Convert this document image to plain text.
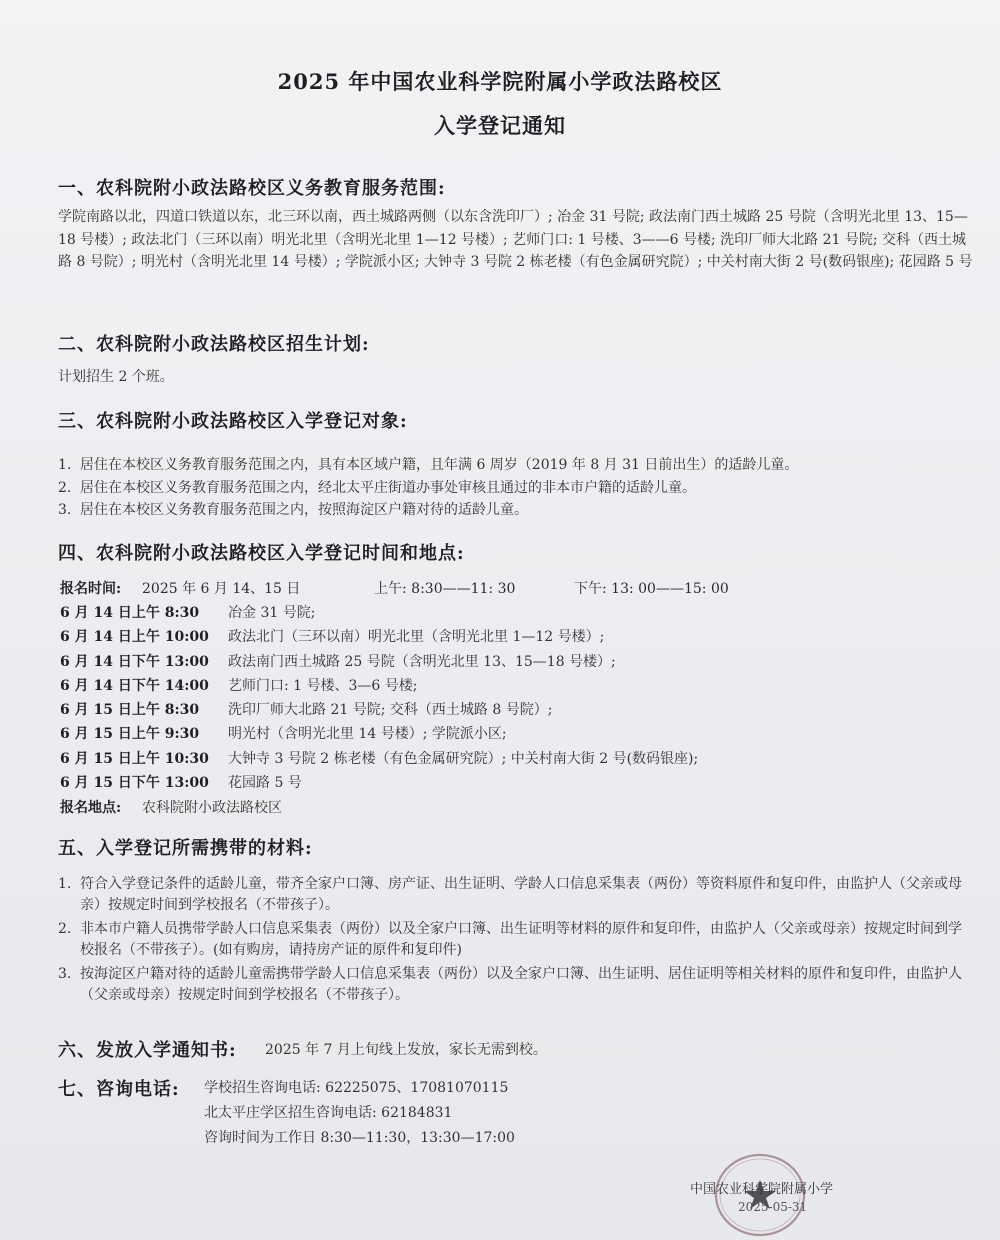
2025 年中国农业科学院附属小学政法路校区
入学登记通知
一、农科院附小政法路校区义务教育服务范围:
学院南路以北，四道口铁道以东，北三环以南，西土城路两侧（以东含洗印厂）; 冶金 31 号院; 政法南门西土城路 25 号院（含明光北里 13、15—18 号楼）; 政法北门（三环以南）明光北里（含明光北里 1—12 号楼）; 艺师门口: 1 号楼、3——6 号楼; 洗印厂师大北路 21 号院; 交科（西土城路 8 号院）; 明光村（含明光北里 14 号楼）; 学院派小区; 大钟寺 3 号院 2 栋老楼（有色金属研究院）; 中关村南大街 2 号(数码银座); 花园路 5 号
二、农科院附小政法路校区招生计划:
计划招生 2 个班。
三、农科院附小政法路校区入学登记对象:
1. 居住在本校区义务教育服务范围之内，具有本区域户籍，且年满 6 周岁（2019 年 8 月 31 日前出生）的适龄儿童。
2. 居住在本校区义务教育服务范围之内，经北太平庄街道办事处审核且通过的非本市户籍的适龄儿童。
3. 居住在本校区义务教育服务范围之内，按照海淀区户籍对待的适龄儿童。
四、农科院附小政法路校区入学登记时间和地点:
报名时间: 2025 年 6 月 14、15 日	上午: 8:30——11: 30	下午: 13: 00——15: 00
6 月 14 日上午 8:30 冶金 31 号院;
6 月 14 日上午 10:00 政法北门（三环以南）明光北里（含明光北里 1—12 号楼）;
6 月 14 日下午 13:00 政法南门西土城路 25 号院（含明光北里 13、15—18 号楼）;
6 月 14 日下午 14:00 艺师门口: 1 号楼、3—6 号楼;
6 月 15 日上午 8:30 洗印厂师大北路 21 号院; 交科（西土城路 8 号院）;
6 月 15 日上午 9:30 明光村（含明光北里 14 号楼）; 学院派小区;
6 月 15 日上午 10:30 大钟寺 3 号院 2 栋老楼（有色金属研究院）; 中关村南大街 2 号(数码银座);
6 月 15 日下午 13:00 花园路 5 号
报名地点: 农科院附小政法路校区
五、入学登记所需携带的材料:
1. 符合入学登记条件的适龄儿童，带齐全家户口簿、房产证、出生证明、学龄人口信息采集表（两份）等资料原件和复印件，由监护人（父亲或母亲）按规定时间到学校报名（不带孩子）。
2. 非本市户籍人员携带学龄人口信息采集表（两份）以及全家户口簿、出生证明等材料的原件和复印件，由监护人（父亲或母亲）按规定时间到学校报名（不带孩子）。(如有购房，请持房产证的原件和复印件)
3. 按海淀区户籍对待的适龄儿童需携带学龄人口信息采集表（两份）以及全家户口簿、出生证明、居住证明等相关材料的原件和复印件，由监护人（父亲或母亲）按规定时间到学校报名（不带孩子）。
六、发放入学通知书: 2025 年 7 月上旬线上发放，家长无需到校。
七、咨询电话: 学校招生咨询电话: 62225075、17081070115
北太平庄学区招生咨询电话: 62184831
咨询时间为工作日 8:30—11:30，13:30—17:00
中国农业科学院附属小学
2025-05-31
